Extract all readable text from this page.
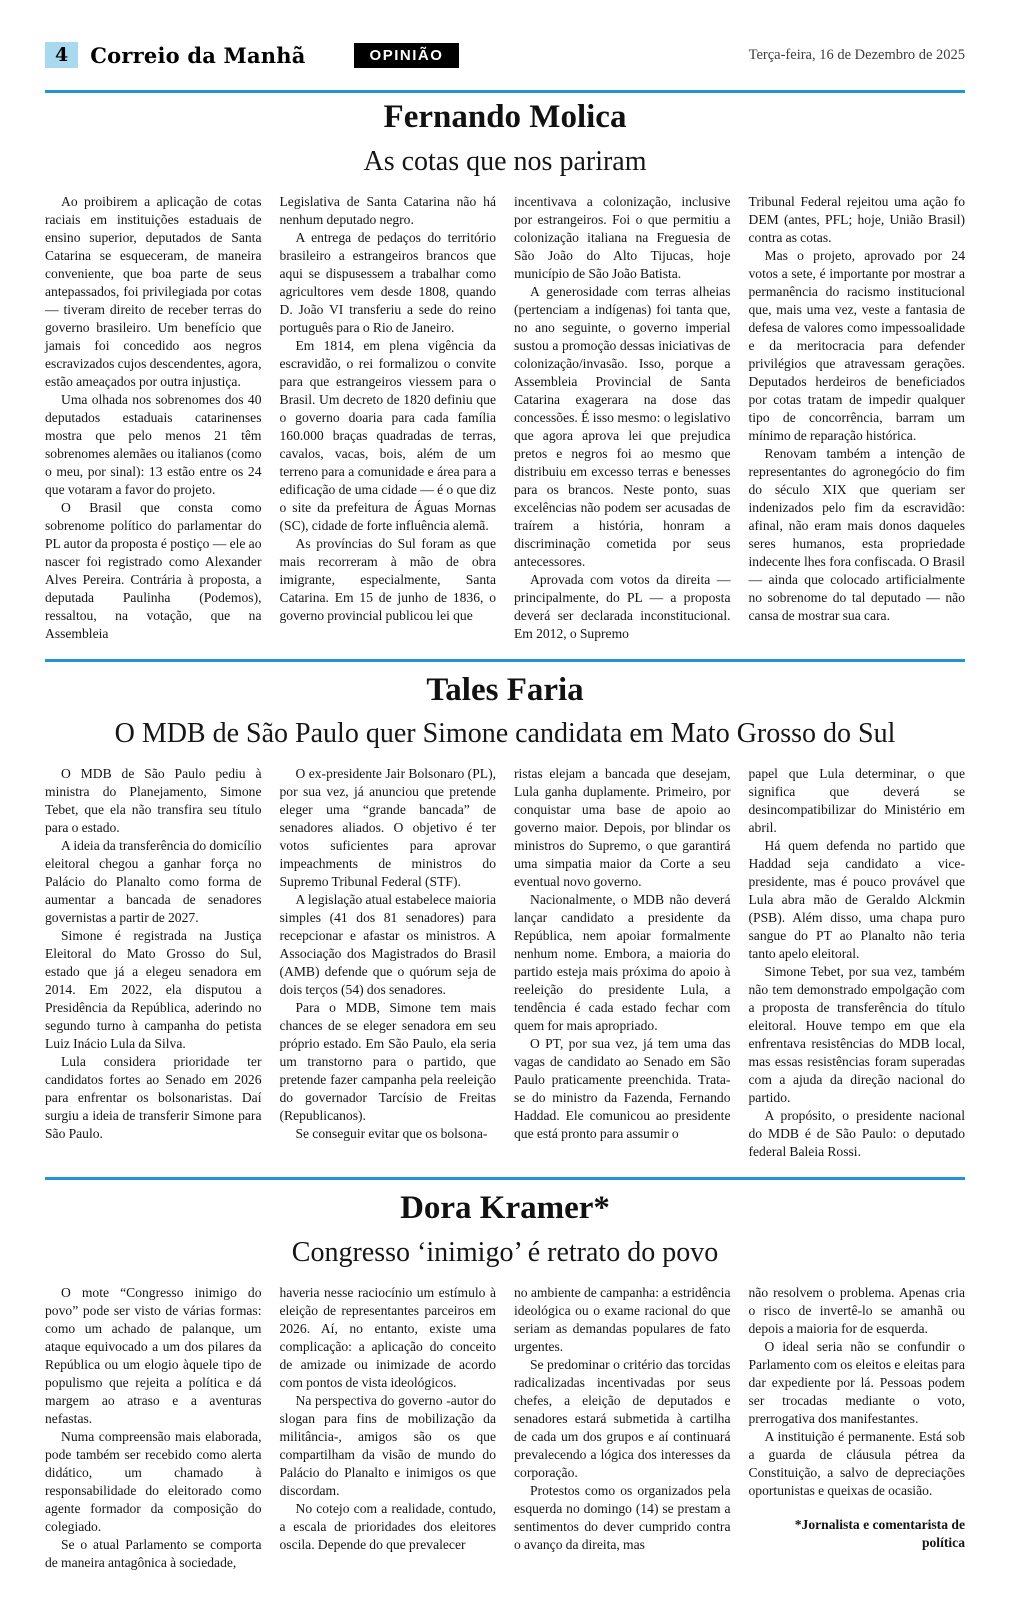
4	Correio da Manhã	OPINIÃO	Terça-feira, 16 de Dezembro de 2025
Fernando Molica
As cotas que nos pariram

Ao proibirem a aplicação de cotas raciais em instituições estaduais de ensino superior, deputados de Santa Catarina se esqueceram, de maneira conveniente, que boa parte de seus antepassados, foi privilegiada por cotas — tiveram direito de receber terras do governo brasileiro. Um benefício que jamais foi concedido aos negros escravizados cujos descendentes, agora, estão ameaçados por outra injustiça.

Uma olhada nos sobrenomes dos 40 deputados estaduais catarinenses mostra que pelo menos 21 têm sobrenomes alemães ou italianos (como o meu, por sinal): 13 estão entre os 24 que votaram a favor do projeto.

O Brasil que consta como sobrenome político do parlamentar do PL autor da proposta é postiço — ele ao nascer foi registrado como Alexander Alves Pereira. Contrária à proposta, a deputada Paulinha (Podemos), ressaltou, na votação, que na Assembleia

Legislativa de Santa Catarina não há nenhum deputado negro.

A entrega de pedaços do território brasileiro a estrangeiros brancos que aqui se dispusessem a trabalhar como agricultores vem desde 1808, quando D. João VI transferiu a sede do reino português para o Rio de Janeiro.

Em 1814, em plena vigência da escravidão, o rei formalizou o convite para que estrangeiros viessem para o Brasil. Um decreto de 1820 definiu que o governo doaria para cada família 160.000 braças quadradas de terras, cavalos, vacas, bois, além de um terreno para a comunidade e área para a edificação de uma cidade — é o que diz o site da prefeitura de Águas Mornas (SC), cidade de forte influência alemã.

As províncias do Sul foram as que mais recorreram à mão de obra imigrante, especialmente, Santa Catarina. Em 15 de junho de 1836, o governo provincial publicou lei que

incentivava a colonização, inclusive por estrangeiros. Foi o que permitiu a colonização italiana na Freguesia de São João do Alto Tijucas, hoje município de São João Batista.

A generosidade com terras alheias (pertenciam a indígenas) foi tanta que, no ano seguinte, o governo imperial sustou a promoção dessas iniciativas de colonização/invasão. Isso, porque a Assembleia Provincial de Santa Catarina exagerara na dose das concessões. É isso mesmo: o legislativo que agora aprova lei que prejudica pretos e negros foi ao mesmo que distribuiu em excesso terras e benesses para os brancos. Neste ponto, suas excelências não podem ser acusadas de traírem a história, honram a discriminação cometida por seus antecessores.

Aprovada com votos da direita — principalmente, do PL — a proposta deverá ser declarada inconstitucional. Em 2012, o Supremo

Tribunal Federal rejeitou uma ação fo DEM (antes, PFL; hoje, União Brasil) contra as cotas.

Mas o projeto, aprovado por 24 votos a sete, é importante por mostrar a permanência do racismo institucional que, mais uma vez, veste a fantasia de defesa de valores como impessoalidade e da meritocracia para defender privilégios que atravessam gerações. Deputados herdeiros de beneficiados por cotas tratam de impedir qualquer tipo de concorrência, barram um mínimo de reparação histórica.

Renovam também a intenção de representantes do agronegócio do fim do século XIX que queriam ser indenizados pelo fim da escravidão: afinal, não eram mais donos daqueles seres humanos, esta propriedade indecente lhes fora confiscada. O Brasil — ainda que colocado artificialmente no sobrenome do tal deputado — não cansa de mostrar sua cara.

Tales Faria
O MDB de São Paulo quer Simone candidata em Mato Grosso do Sul

O MDB de São Paulo pediu à ministra do Planejamento, Simone Tebet, que ela não transfira seu título para o estado.

A ideia da transferência do domicílio eleitoral chegou a ganhar força no Palácio do Planalto como forma de aumentar a bancada de senadores governistas a partir de 2027.

Simone é registrada na Justiça Eleitoral do Mato Grosso do Sul, estado que já a elegeu senadora em 2014. Em 2022, ela disputou a Presidência da República, aderindo no segundo turno à campanha do petista Luiz Inácio Lula da Silva.

Lula considera prioridade ter candidatos fortes ao Senado em 2026 para enfrentar os bolsonaristas. Daí surgiu a ideia de transferir Simone para São Paulo.

O ex-presidente Jair Bolsonaro (PL), por sua vez, já anunciou que pretende eleger uma “grande bancada” de senadores aliados. O objetivo é ter votos suficientes para aprovar impeachments de ministros do Supremo Tribunal Federal (STF).

A legislação atual estabelece maioria simples (41 dos 81 senadores) para recepcionar e afastar os ministros. A Associação dos Magistrados do Brasil (AMB) defende que o quórum seja de dois terços (54) dos senadores.

Para o MDB, Simone tem mais chances de se eleger senadora em seu próprio estado. Em São Paulo, ela seria um transtorno para o partido, que pretende fazer campanha pela reeleição do governador Tarcísio de Freitas (Republicanos).

Se conseguir evitar que os bolsona-

ristas elejam a bancada que desejam, Lula ganha duplamente. Primeiro, por conquistar uma base de apoio ao governo maior. Depois, por blindar os ministros do Supremo, o que garantirá uma simpatia maior da Corte a seu eventual novo governo.

Nacionalmente, o MDB não deverá lançar candidato a presidente da República, nem apoiar formalmente nenhum nome. Embora, a maioria do partido esteja mais próxima do apoio à reeleição do presidente Lula, a tendência é cada estado fechar com quem for mais apropriado.

O PT, por sua vez, já tem uma das vagas de candidato ao Senado em São Paulo praticamente preenchida. Trata-se do ministro da Fazenda, Fernando Haddad. Ele comunicou ao presidente que está pronto para assumir o

papel que Lula determinar, o que significa que deverá se desincompatibilizar do Ministério em abril.

Há quem defenda no partido que Haddad seja candidato a vice-presidente, mas é pouco provável que Lula abra mão de Geraldo Alckmin (PSB). Além disso, uma chapa puro sangue do PT ao Planalto não teria tanto apelo eleitoral.

Simone Tebet, por sua vez, também não tem demonstrado empolgação com a proposta de transferência do título eleitoral. Houve tempo em que ela enfrentava resistências do MDB local, mas essas resistências foram superadas com a ajuda da direção nacional do partido.

A propósito, o presidente nacional do MDB é de São Paulo: o deputado federal Baleia Rossi.

Dora Kramer*
Congresso ‘inimigo’ é retrato do povo

O mote “Congresso inimigo do povo” pode ser visto de várias formas: como um achado de palanque, um ataque equivocado a um dos pilares da República ou um elogio àquele tipo de populismo que rejeita a política e dá margem ao atraso e a aventuras nefastas.

Numa compreensão mais elaborada, pode também ser recebido como alerta didático, um chamado à responsabilidade do eleitorado como agente formador da composição do colegiado.

Se o atual Parlamento se comporta de maneira antagônica à sociedade,

haveria nesse raciocínio um estímulo à eleição de representantes parceiros em 2026. Aí, no entanto, existe uma complicação: a aplicação do conceito de amizade ou inimizade de acordo com pontos de vista ideológicos.

Na perspectiva do governo -autor do slogan para fins de mobilização da militância-, amigos são os que compartilham da visão de mundo do Palácio do Planalto e inimigos os que discordam.

No cotejo com a realidade, contudo, a escala de prioridades dos eleitores oscila. Depende do que prevalecer

no ambiente de campanha: a estridência ideológica ou o exame racional do que seriam as demandas populares de fato urgentes.

Se predominar o critério das torcidas radicalizadas incentivadas por seus chefes, a eleição de deputados e senadores estará submetida à cartilha de cada um dos grupos e aí continuará prevalecendo a lógica dos interesses da corporação.

Protestos como os organizados pela esquerda no domingo (14) se prestam a sentimentos do dever cumprido contra o avanço da direita, mas

não resolvem o problema. Apenas cria o risco de invertê-lo se amanhã ou depois a maioria for de esquerda.

O ideal seria não se confundir o Parlamento com os eleitos e eleitas para dar expediente por lá. Pessoas podem ser trocadas mediante o voto, prerrogativa dos manifestantes.

A instituição é permanente. Está sob a guarda de cláusula pétrea da Constituição, a salvo de depreciações oportunistas e queixas de ocasião.

*Jornalista e comentarista de política
